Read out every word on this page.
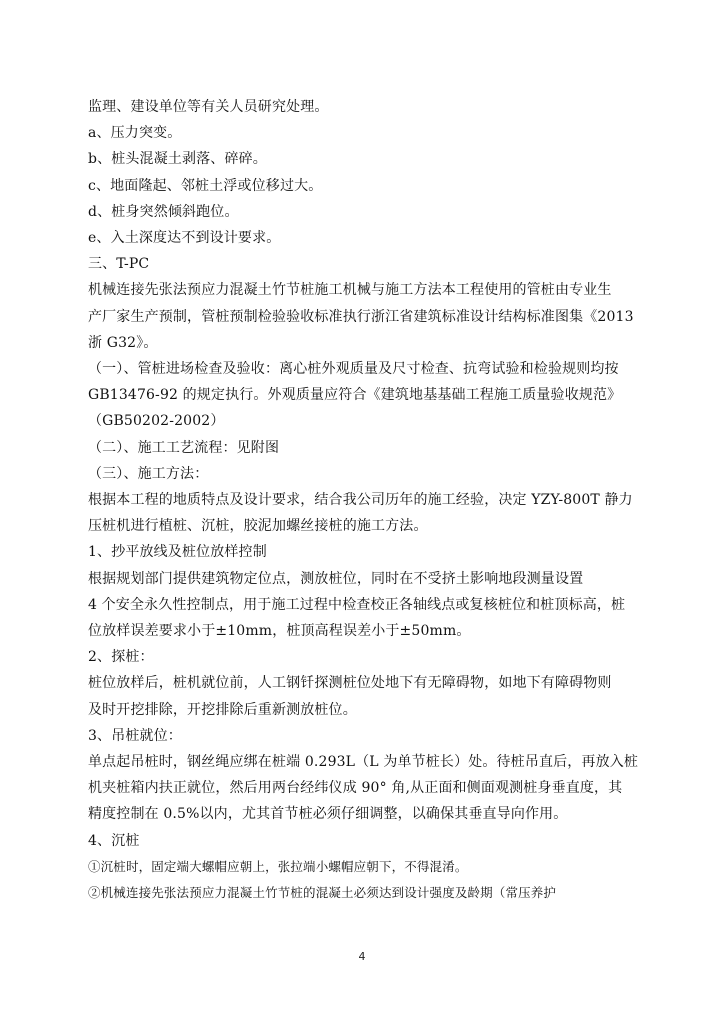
监理、建设单位等有关人员研究处理。
a、压力突变。
b、桩头混凝土剥落、碎碎。
c、地面隆起、邻桩土浮或位移过大。
d、桩身突然倾斜跑位。
e、入土深度达不到设计要求。
三、T-PC
机械连接先张法预应力混凝土竹节桩施工机械与施工方法本工程使用的管桩由专业生
产厂家生产预制，管桩预制检验验收标准执行浙江省建筑标准设计结构标准图集《2013
浙 G32》。
（一）、管桩进场检查及验收：离心桩外观质量及尺寸检查、抗弯试验和检验规则均按
GB13476-92 的规定执行。外观质量应符合《建筑地基基础工程施工质量验收规范》
（GB50202-2002）
（二）、施工工艺流程：见附图
（三）、施工方法：
根据本工程的地质特点及设计要求，结合我公司历年的施工经验，决定 YZY-800T 静力
压桩机进行植桩、沉桩，胶泥加螺丝接桩的施工方法。
1、抄平放线及桩位放样控制
根据规划部门提供建筑物定位点，测放桩位，同时在不受挤土影响地段测量设置
4 个安全永久性控制点，用于施工过程中检查校正各轴线点或复核桩位和桩顶标高，桩
位放样误差要求小于±10mm，桩顶高程误差小于±50mm。
2、探桩：
桩位放样后，桩机就位前，人工钢钎探测桩位处地下有无障碍物，如地下有障碍物则
及时开挖排除，开挖排除后重新测放桩位。
3、吊桩就位：
单点起吊桩时，钢丝绳应绑在桩端 0.293L（L 为单节桩长）处。待桩吊直后，再放入桩
机夹桩箱内扶正就位，然后用两台经纬仪成 90° 角,从正面和侧面观测桩身垂直度，其
精度控制在 0.5%以内，尤其首节桩必须仔细调整，以确保其垂直导向作用。
4、沉桩
①沉桩时，固定端大螺帽应朝上，张拉端小螺帽应朝下，不得混淆。
②机械连接先张法预应力混凝土竹节桩的混凝土必须达到设计强度及龄期（常压养护
4
